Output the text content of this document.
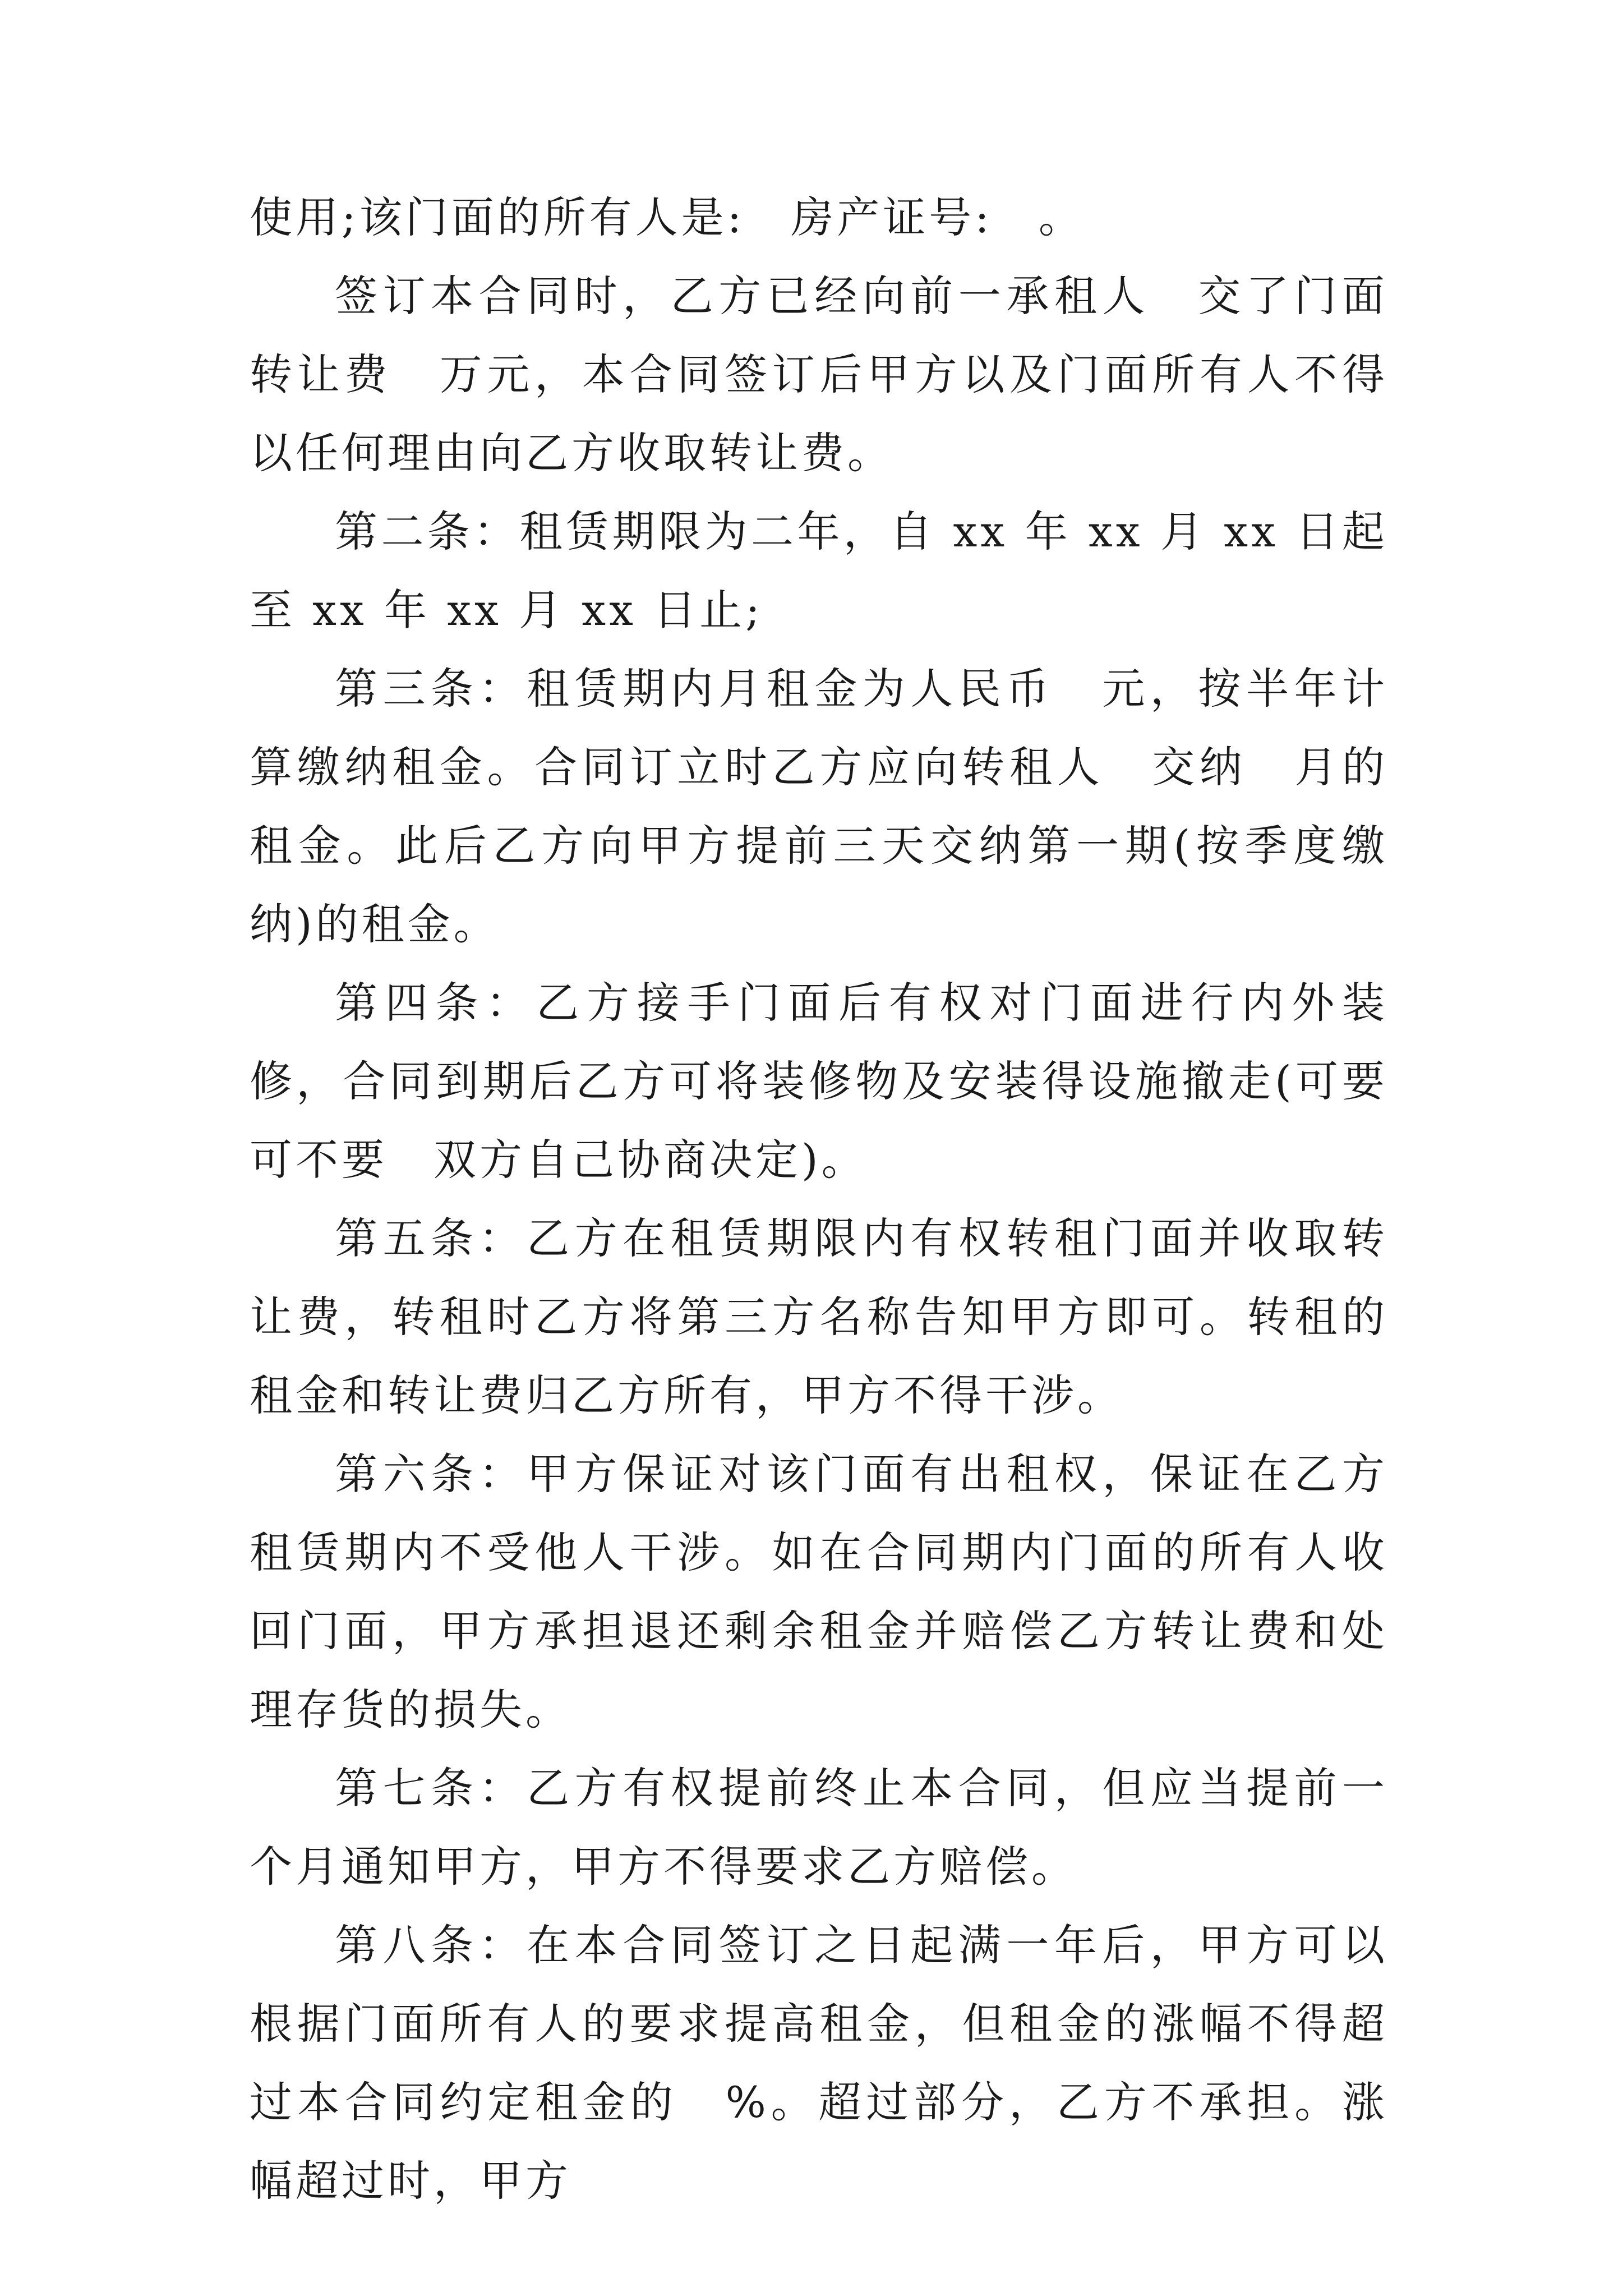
使用;该门面的所有人是:　房产证号:　。

签订本合同时，乙方已经向前一承租人　交了门面转让费　万元，本合同签订后甲方以及门面所有人不得以任何理由向乙方收取转让费。

第二条：租赁期限为二年，自 xx 年 xx 月 xx 日起至 xx 年 xx 月 xx 日止;

第三条：租赁期内月租金为人民币　元，按半年计算缴纳租金。合同订立时乙方应向转租人　交纳　月的租金。此后乙方向甲方提前三天交纳第一期(按季度缴纳)的租金。

第四条：乙方接手门面后有权对门面进行内外装修，合同到期后乙方可将装修物及安装得设施撤走(可要可不要　双方自己协商决定)。

第五条：乙方在租赁期限内有权转租门面并收取转让费，转租时乙方将第三方名称告知甲方即可。转租的租金和转让费归乙方所有，甲方不得干涉。

第六条：甲方保证对该门面有出租权，保证在乙方租赁期内不受他人干涉。如在合同期内门面的所有人收回门面，甲方承担退还剩余租金并赔偿乙方转让费和处理存货的损失。

第七条：乙方有权提前终止本合同，但应当提前一个月通知甲方，甲方不得要求乙方赔偿。

第八条：在本合同签订之日起满一年后，甲方可以根据门面所有人的要求提高租金，但租金的涨幅不得超过本合同约定租金的　%。超过部分，乙方不承担。涨幅超过时，甲方
